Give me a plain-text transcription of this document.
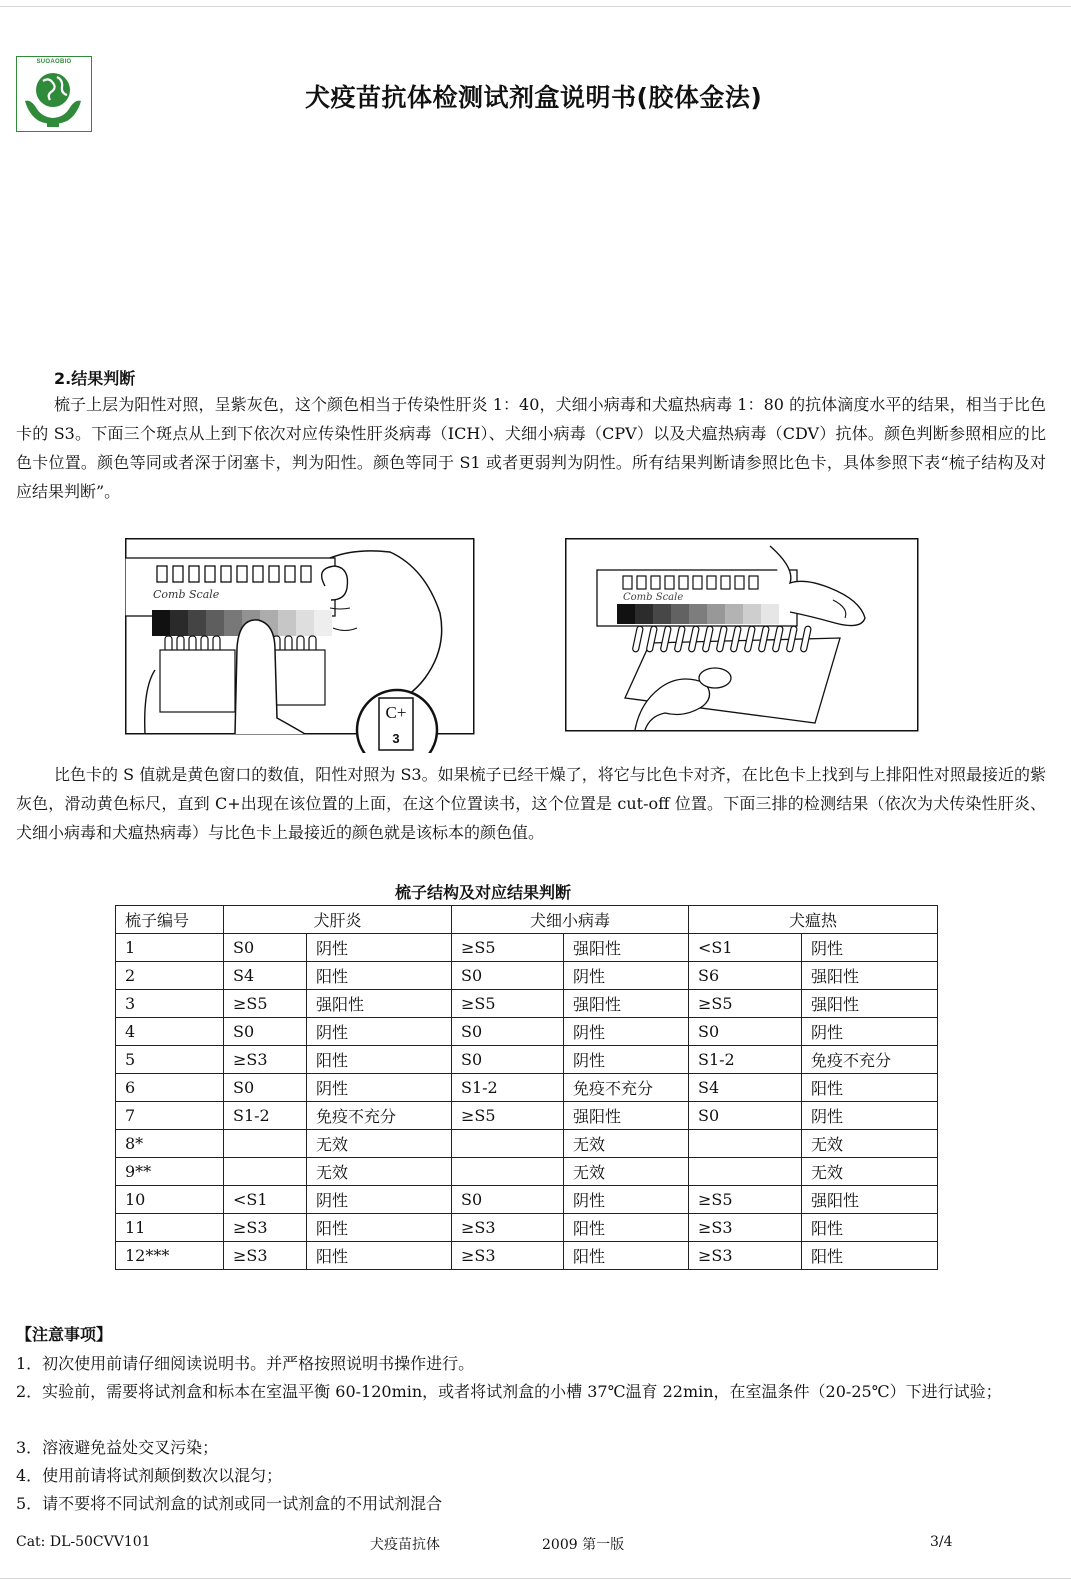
SUOAOBIO
犬疫苗抗体检测试剂盒说明书(胶体金法)
2.结果判断

梳子上层为阳性对照，呈紫灰色，这个颜色相当于传染性肝炎 1：40，犬细小病毒和犬瘟热病毒 1：80 的抗体滴度水平的结果，相当于比色卡的 S3。下面三个斑点从上到下依次对应传染性肝炎病毒（ICH）、犬细小病毒（CPV）以及犬瘟热病毒（CDV）抗体。颜色判断参照相应的比色卡位置。颜色等同或者深于闭塞卡，判为阳性。颜色等同于 S1 或者更弱判为阴性。所有结果判断请参照比色卡，具体参照下表“梳子结构及对应结果判断”。

Comb Scale
C+
3
Comb Scale

比色卡的 S 值就是黄色窗口的数值，阳性对照为 S3。如果梳子已经干燥了，将它与比色卡对齐，在比色卡上找到与上排阳性对照最接近的紫灰色，滑动黄色标尺，直到 C+出现在该位置的上面，在这个位置读书，这个位置是 cut-off 位置。下面三排的检测结果（依次为犬传染性肝炎、犬细小病毒和犬瘟热病毒）与比色卡上最接近的颜色就是该标本的颜色值。

梳子结构及对应结果判断
梳子编号	犬肝炎		犬细小病毒		犬瘟热	
1	S0	阴性	≥S5	强阳性	<S1	阴性
2	S4	阳性	S0	阴性	S6	强阳性
3	≥S5	强阳性	≥S5	强阳性	≥S5	强阳性
4	S0	阴性	S0	阴性	S0	阴性
5	≥S3	阳性	S0	阴性	S1-2	免疫不充分
6	S0	阴性	S1-2	免疫不充分	S4	阳性
7	S1-2	免疫不充分	≥S5	强阳性	S0	阴性
8*		无效		无效		无效
9**		无效		无效		无效
10	<S1	阴性	S0	阴性	≥S5	强阳性
11	≥S3	阳性	≥S3	阳性	≥S3	阳性
12***	≥S3	阳性	≥S3	阳性	≥S3	阳性
【注意事项】

1．初次使用前请仔细阅读说明书。并严格按照说明书操作进行。

2．实验前，需要将试剂盒和标本在室温平衡 60-120min，或者将试剂盒的小槽 37℃温育 22min，在室温条件（20-25℃）下进行试验；

3．溶液避免益处交叉污染；

4．使用前请将试剂颠倒数次以混匀；

5．请不要将不同试剂盒的试剂或同一试剂盒的不用试剂混合

Cat: DL-50CVV101	犬疫苗抗体	2009 第一版	3/4
